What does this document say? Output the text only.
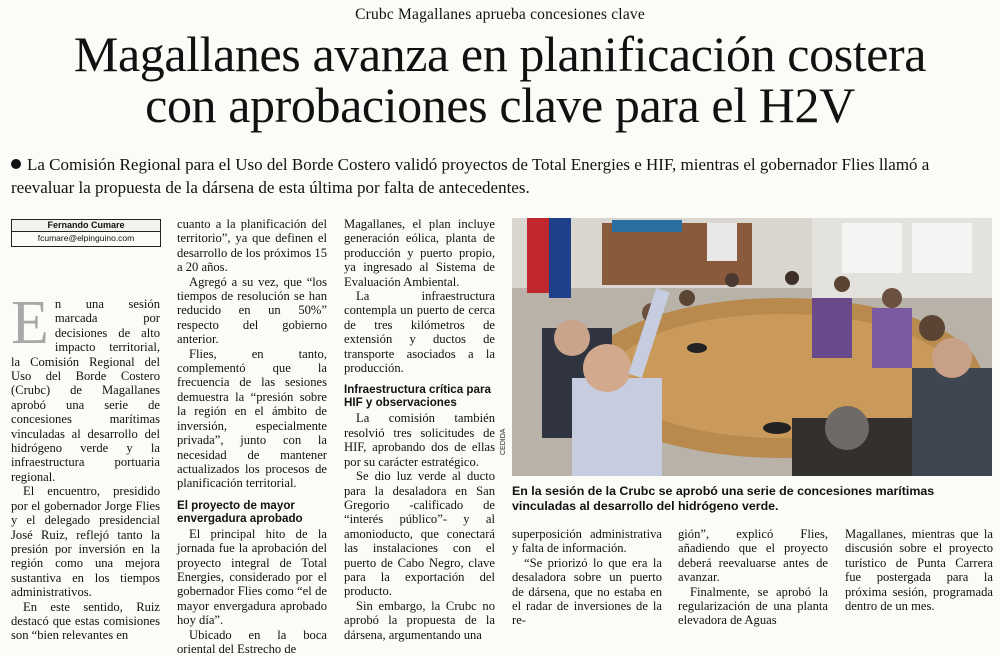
Crubc Magallanes aprueba concesiones clave
Magallanes avanza en planificación costera
con aprobaciones clave para el H2V
La Comisión Regional para el Uso del Borde Costero validó proyectos de Total Energies e HIF, mientras el gobernador Flies llamó a reevaluar la propuesta de la dársena de esta última por falta de antecedentes.
Fernando Cumare
fcumare@elpinguino.com

En una sesión marcada por decisiones de alto impacto territorial, la Comisión Regional del Uso del Borde Costero (Crubc) de Magallanes aprobó una serie de concesiones marítimas vinculadas al desarrollo del hidrógeno verde y la infraestructura portuaria regional.

El encuentro, presidido por el gobernador Jorge Flies y el delegado presidencial José Ruiz, reflejó tanto la presión por inversión en la región como una mejora sustantiva en los tiempos administrativos.

En este sentido, Ruiz destacó que estas comisiones son “bien relevantes en

cuanto a la planificación del territorio”, ya que definen el desarrollo de los próximos 15 a 20 años.

Agregó a su vez, que “los tiempos de resolución se han reducido en un 50%” respecto del gobierno anterior.

Flies, en tanto, complementó que la frecuencia de las sesiones demuestra la “presión sobre la región en el ámbito de inversión, especialmente privada”, junto con la necesidad de mantener actualizados los procesos de planificación territorial.

El proyecto de mayor envergadura aprobado

El principal hito de la jornada fue la aprobación del proyecto integral de Total Energies, considerado por el gobernador Flies como “el de mayor envergadura aprobado hoy día”.

Ubicado en la boca oriental del Estrecho de

Magallanes, el plan incluye generación eólica, planta de producción y puerto propio, ya ingresado al Sistema de Evaluación Ambiental.

La infraestructura contempla un puerto de cerca de tres kilómetros de extensión y ductos de transporte asociados a la producción.

Infraestructura crítica para HIF y observaciones

La comisión también resolvió tres solicitudes de HIF, aprobando dos de ellas por su carácter estratégico.

Se dio luz verde al ducto para la desaladora en San Gregorio -calificado de “interés público”- y al amonioducto, que conectará las instalaciones con el puerto de Cabo Negro, clave para la exportación del producto.

Sin embargo, la Crubc no aprobó la propuesta de la dársena, argumentando una

CEDIDA
En la sesión de la Crubc se aprobó una serie de concesiones marítimas vinculadas al desarrollo del hidrógeno verde.

superposición administrativa y falta de información.

“Se priorizó lo que era la desaladora sobre un puerto de dársena, que no estaba en el radar de inversiones de la re-

gión”, explicó Flies, añadiendo que el proyecto deberá reevaluarse antes de avanzar.

Finalmente, se aprobó la regularización de una planta elevadora de Aguas

Magallanes, mientras que la discusión sobre el proyecto turístico de Punta Carrera fue postergada para la próxima sesión, programada dentro de un mes.
